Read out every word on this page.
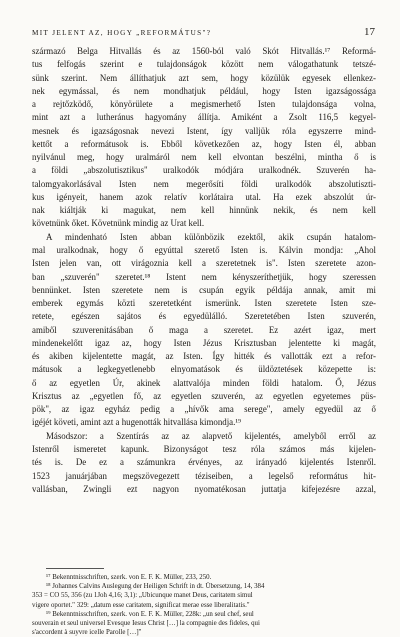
MIT JELENT AZ, HOGY „REFORMÁTUS"?	17
származó Belga Hitvallás és az 1560-ból való Skót Hitvallás.¹⁷ Reformá-
tus felfogás szerint e tulajdonságok között nem válogathatunk tetszé-
sünk szerint. Nem állíthatjuk azt sem, hogy közülük egyesek ellenkez-
nek egymással, és nem mondhatjuk például, hogy Isten igazságossága
a rejtőzködő, könyörülete a megismerhető Isten tulajdonsága volna,
mint azt a lutheránus hagyomány állítja. Amiként a Zsolt 116,5 kegyel-
mesnek és igazságosnak nevezi Istent, így valljük róla egyszerre mind-
kettőt a reformátusok is. Ebből következően az, hogy Isten él, abban
nyilvánul meg, hogy uralmáról nem kell elvontan beszélni, mintha ő is
a földi „abszolutisztikus" uralkodók módjára uralkodnék. Szuverén ha-
talomgyakorlásával Isten nem megerősíti földi uralkodók abszolutiszti-
kus igényeit, hanem azok relatív korlátaira utal. Ha ezek abszolút úr-
nak kiáltják ki magukat, nem kell hinnünk nekik, és nem kell
követnünk őket. Követnünk mindig az Urat kell.
A mindenható Isten abban különbözik ezektől, akik csupán hatalom-
mal uralkodnak, hogy ő egyúttal szerető Isten is. Kálvin mondja: „Ahol
Isten jelen van, ott virágoznia kell a szeretetnek is". Isten szeretete azon-
ban „szuverén" szeretet.¹⁸ Istent nem kényszeríthetjük, hogy szeressen
bennünket. Isten szeretete nem is csupán egyik példája annak, amit mi
emberek egymás közti szeretetként ismerünk. Isten szeretete Isten sze-
retete, egészen sajátos és egyedülálló. Szeretetében Isten szuverén,
amiből szuverenitásában ő maga a szeretet. Ez azért igaz, mert
mindenekelőtt igaz az, hogy Isten Jézus Krisztusban jelentette ki magát,
és akiben kijelentette magát, az Isten. Így hitték és vallották ezt a refor-
mátusok a legkegyetlenebb elnyomatások és üldöztetések közepette is:
ő az egyetlen Úr, akinek alattvalója minden földi hatalom. Ő, Jézus
Krisztus az „egyetlen fő, az egyetlen szuverén, az egyetlen egyetemes püs-
pök", az igaz egyház pedig a „hívők ama serege", amely egyedül az ő
igéjét követi, amint azt a hugenották hitvallása kimondja.¹⁹
Másodszor: a Szentírás az az alapvető kijelentés, amelyből erről az
Istenről ismeretet kapunk. Bizonyságot tesz róla számos más kijelen-
tés is. De ez a számunkra érvényes, az irányadó kijelentés Istenről.
1523 januárjában megszövegezett téziseiben, a legelső református hit-
vallásban, Zwingli ezt nagyon nyomatékosan juttatja kifejezésre azzal,
¹⁷ Bekenntnisschriften, szerk. von E. F. K. Müller, 233, 250.
¹⁸ Johannes Calvins Auslegung der Heiligen Schrift in dt. Übersetzung, 14, 384
353 = CO 55, 356 (zu 1Joh 4,16; 3,1): „Ubicunque manet Deus, caritatem simul
vigere oportet." 329: „datum esse caritatem, significat merae esse liberalitatis."
¹⁹ Bekenntnisschriften, szerk. von E. F. K. Müller, 228k: „un seul chef, seul
souverain et seul universel Evesque Iesus Christ […] la compagnie des fideles, qui
s'accordent à suyvre icelle Parolle […]"
